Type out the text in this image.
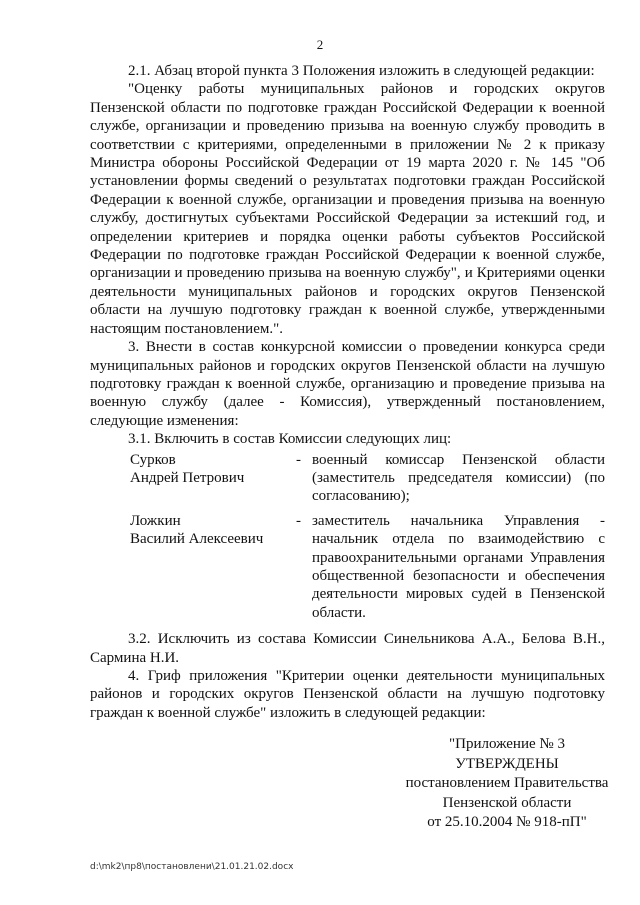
2

2.1. Абзац второй пункта 3 Положения изложить в следующей редакции:

"Оценку работы муниципальных районов и городских округов Пензенской области по подготовке граждан Российской Федерации к военной службе, организации и проведению призыва на военную службу проводить в соответствии с критериями, определенными в приложении № 2 к приказу Министра обороны Российской Федерации от 19 марта 2020 г. № 145 "Об установлении формы сведений о результатах подготовки граждан Российской Федерации к военной службе, организации и проведения призыва на военную службу, достигнутых субъектами Российской Федерации за истекший год, и определении критериев и порядка оценки работы субъектов Российской Федерации по подготовке граждан Российской Федерации к военной службе, организации и проведению призыва на военную службу", и Критериями оценки деятельности муниципальных районов и городских округов Пензенской области на лучшую подготовку граждан к военной службе, утвержденными настоящим постановлением.".

3. Внести в состав конкурсной комиссии о проведении конкурса среди муниципальных районов и городских округов Пензенской области на лучшую подготовку граждан к военной службе, организацию и проведение призыва на военную службу (далее - Комиссия), утвержденный постановлением, следующие изменения:

3.1. Включить в состав Комиссии следующих лиц:

Сурков
Андрей Петрович
- военный комиссар Пензенской области (заместитель председателя комиссии) (по согласованию);
Ложкин
Василий Алексеевич
- заместитель начальника Управления - начальник отдела по взаимодействию с правоохранительными органами Управления общественной безопасности и обеспечения деятельности мировых судей в Пензенской области.

3.2. Исключить из состава Комиссии Синельникова А.А., Белова В.Н., Сармина Н.И.

4. Гриф приложения "Критерии оценки деятельности муниципальных районов и городских округов Пензенской области на лучшую подготовку граждан к военной службе" изложить в следующей редакции:

"Приложение № 3
УТВЕРЖДЕНЫ
постановлением Правительства
Пензенской области
от 25.10.2004 № 918-пП"
d:\mk2\пр8\постановлени\21.01.21.02.docx
